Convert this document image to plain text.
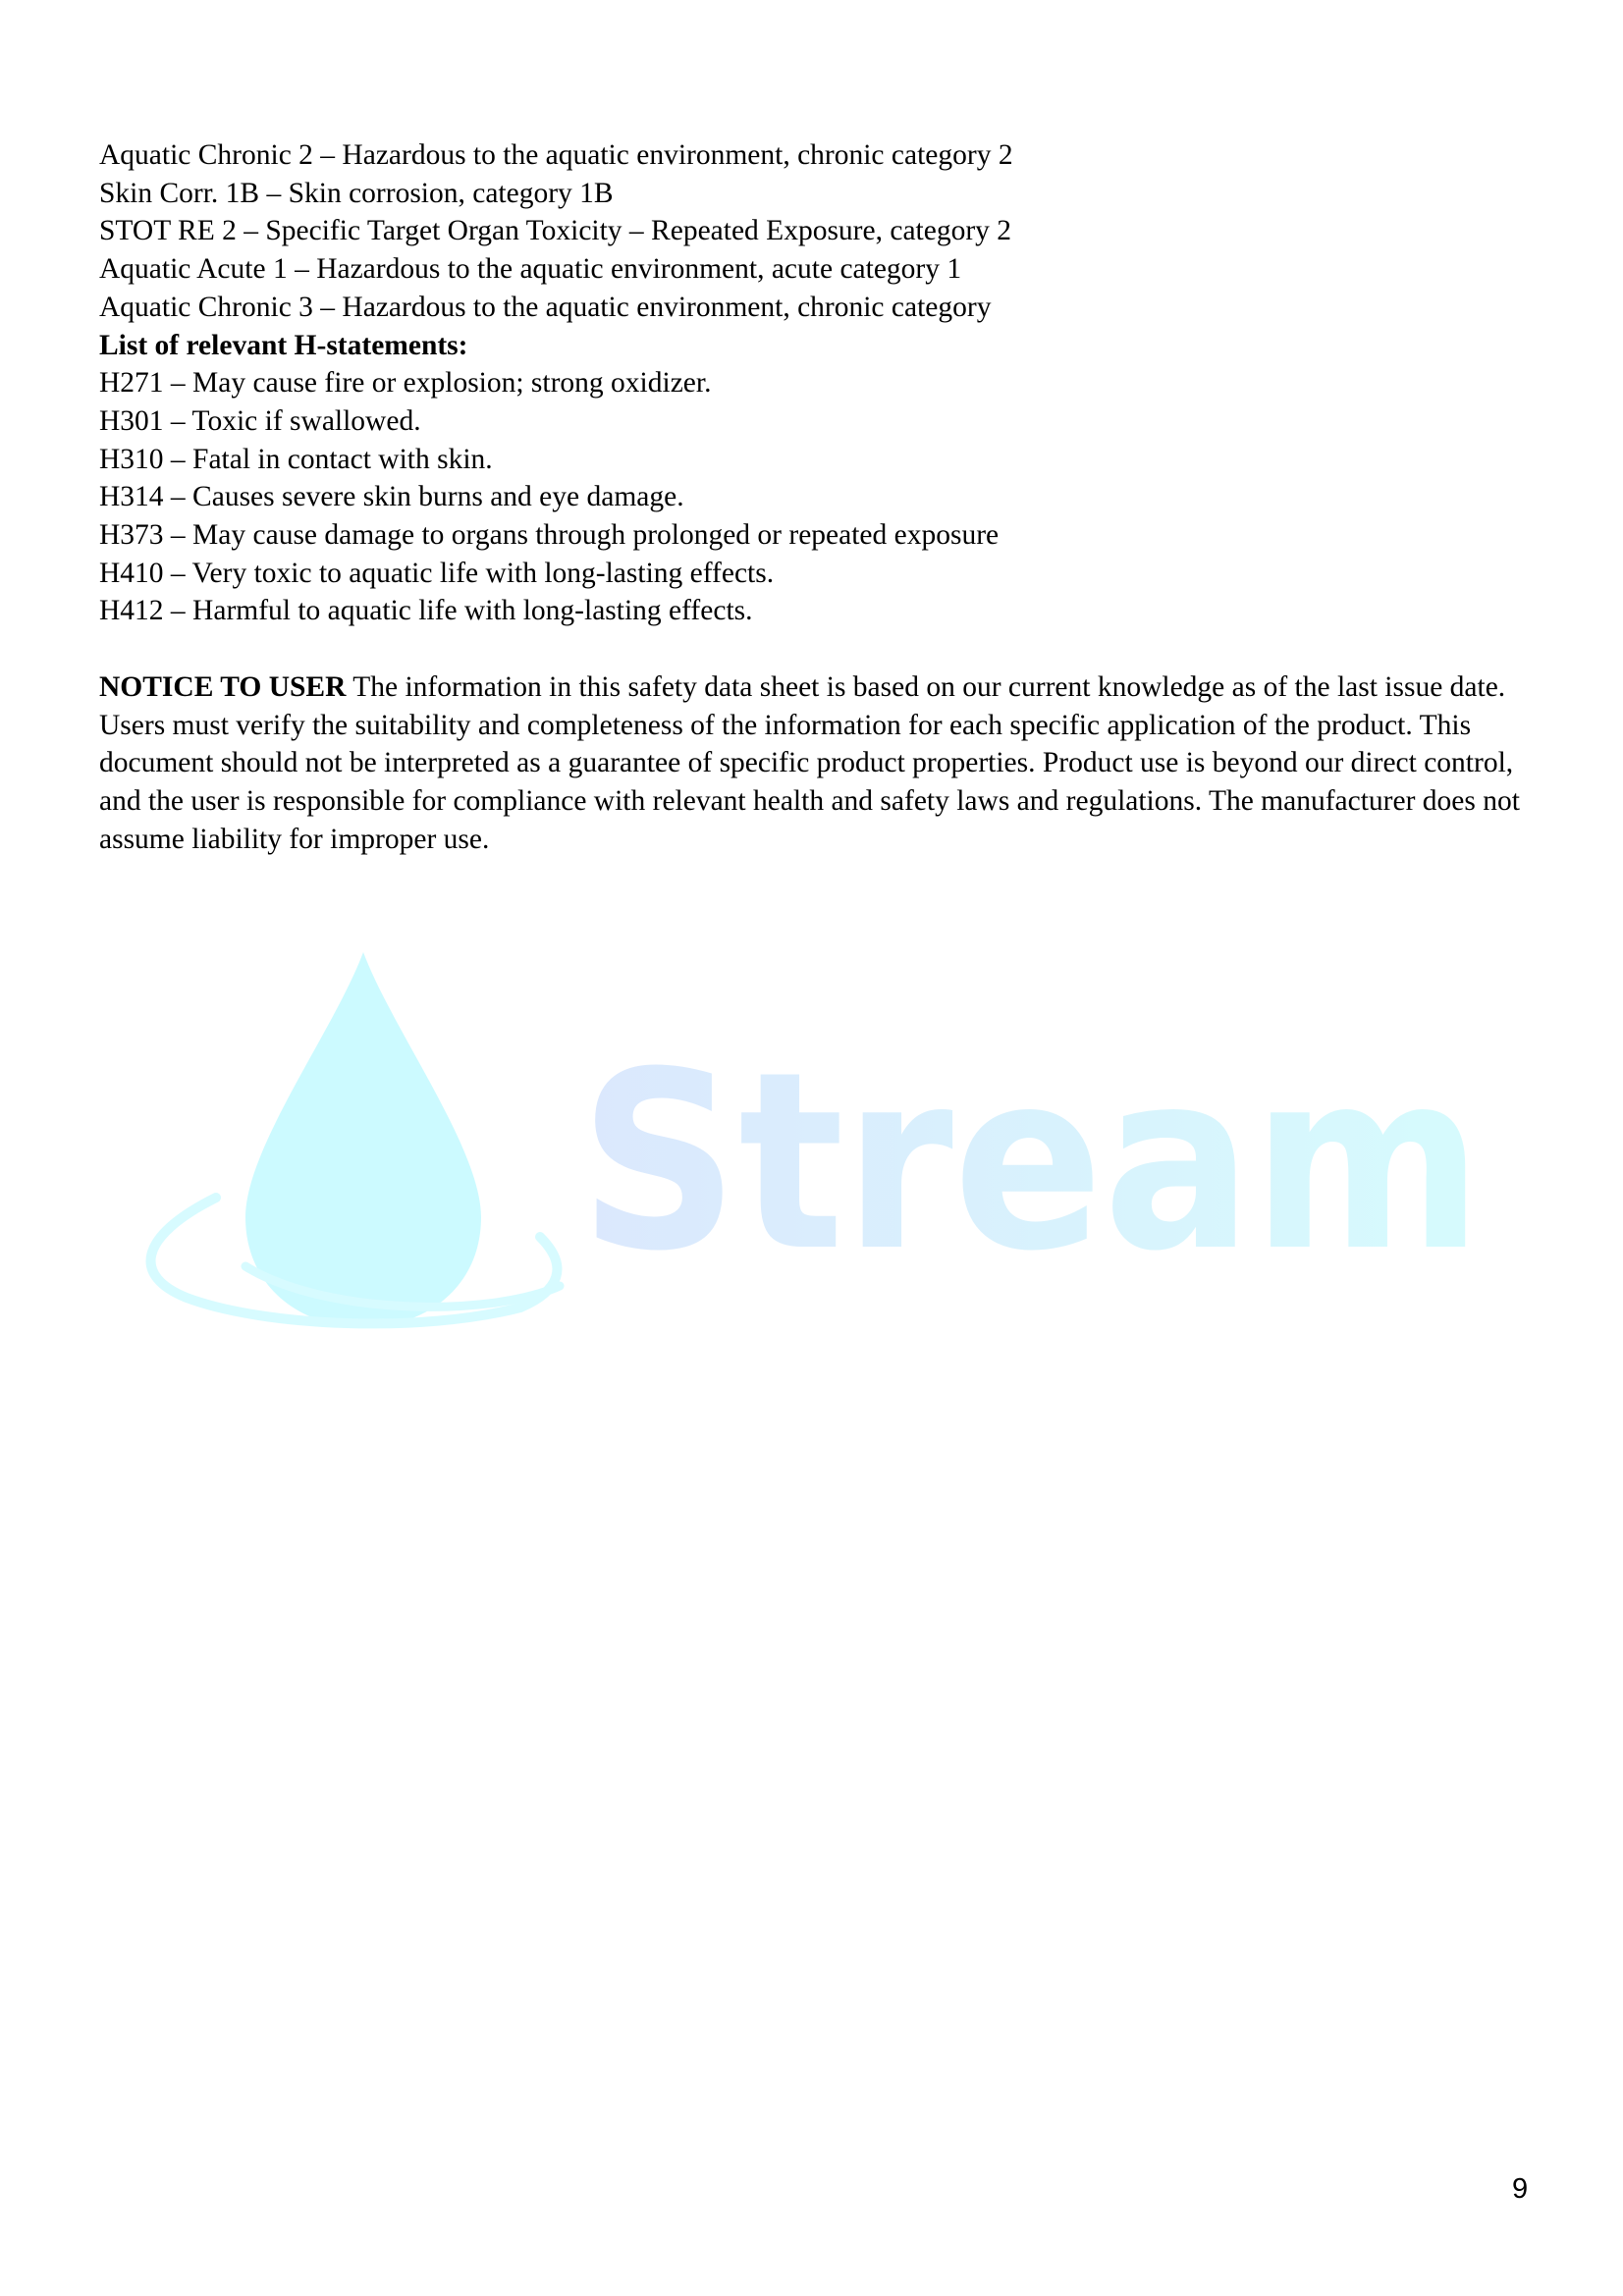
Stream
Aquatic Chronic 2 – Hazardous to the aquatic environment, chronic category 2
Skin Corr. 1B – Skin corrosion, category 1B
STOT RE 2 – Specific Target Organ Toxicity – Repeated Exposure, category 2
Aquatic Acute 1 – Hazardous to the aquatic environment, acute category 1
Aquatic Chronic 3 – Hazardous to the aquatic environment, chronic category
List of relevant H-statements:
H271 – May cause fire or explosion; strong oxidizer.
H301 – Toxic if swallowed.
H310 – Fatal in contact with skin.
H314 – Causes severe skin burns and eye damage.
H373 – May cause damage to organs through prolonged or repeated exposure
H410 – Very toxic to aquatic life with long-lasting effects.
H412 – Harmful to aquatic life with long-lasting effects.
NOTICE TO USER The information in this safety data sheet is based on our current knowledge as of the last issue date. Users must verify the suitability and completeness of the information for each specific application of the product. This document should not be interpreted as a guarantee of specific product properties. Product use is beyond our direct control, and the user is responsible for compliance with relevant health and safety laws and regulations. The manufacturer does not assume liability for improper use.
9
